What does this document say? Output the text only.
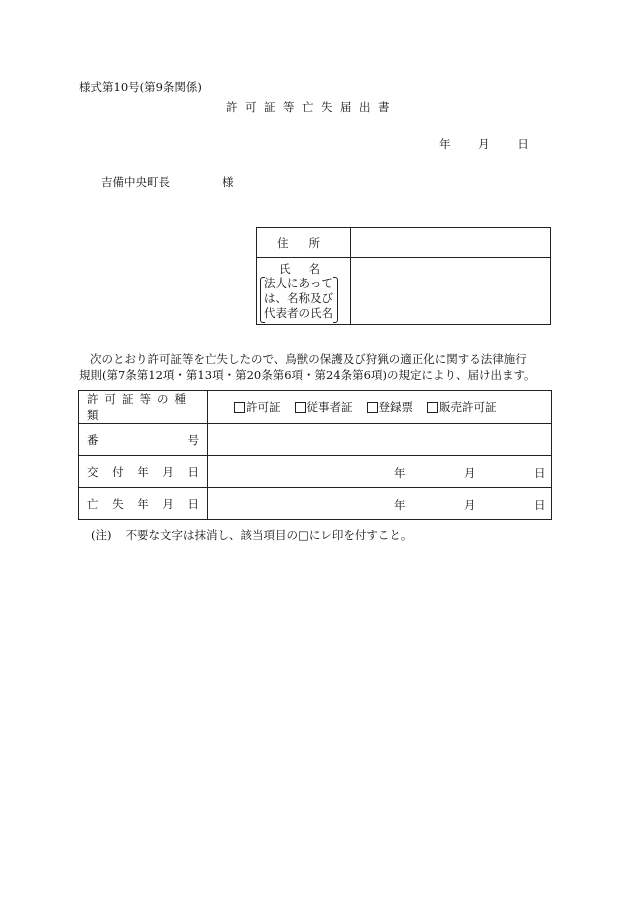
様式第10号(第9条関係)
許可証等亡失届出書
年 月 日
吉備中央町長	様
住所	

氏名
法人にあって
は、名称及び
代表者の氏名	

次のとおり許可証等を亡失したので、鳥獣の保護及び狩猟の適正化に関する法律施行
規則(第7条第12項・第13項・第20条第6項・第24条第6項)の規定により、届け出ます。
許可証等の種類	許可証 従事者証 登録票 販売許可証

番 号	

交 付 年 月 日	年 月 日

亡 失 年 月 日	年 月 日
(注) 不要な文字は抹消し、該当項目の□にレ印を付すこと。
